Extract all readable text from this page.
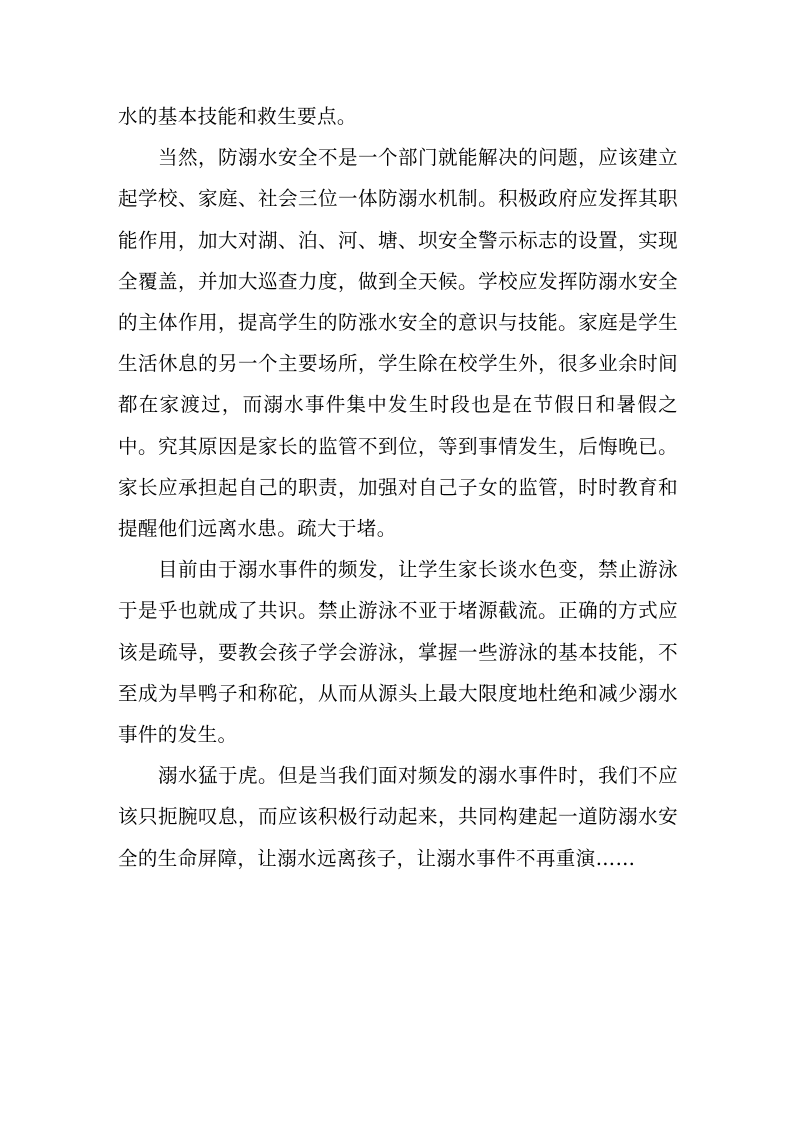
水的基本技能和救生要点。

当然，防溺水安全不是一个部门就能解决的问题，应该建立起学校、家庭、社会三位一体防溺水机制。积极政府应发挥其职能作用，加大对湖、泊、河、塘、坝安全警示标志的设置，实现全覆盖，并加大巡查力度，做到全天候。学校应发挥防溺水安全的主体作用，提高学生的防涨水安全的意识与技能。家庭是学生生活休息的另一个主要场所，学生除在校学生外，很多业余时间都在家渡过，而溺水事件集中发生时段也是在节假日和暑假之中。究其原因是家长的监管不到位，等到事情发生，后悔晚已。家长应承担起自己的职责，加强对自己子女的监管，时时教育和提醒他们远离水患。疏大于堵。

目前由于溺水事件的频发，让学生家长谈水色变，禁止游泳于是乎也就成了共识。禁止游泳不亚于堵源截流。正确的方式应该是疏导，要教会孩子学会游泳，掌握一些游泳的基本技能，不至成为旱鸭子和称砣，从而从源头上最大限度地杜绝和减少溺水事件的发生。

溺水猛于虎。但是当我们面对频发的溺水事件时，我们不应该只扼腕叹息，而应该积极行动起来，共同构建起一道防溺水安全的生命屏障，让溺水远离孩子，让溺水事件不再重演……
